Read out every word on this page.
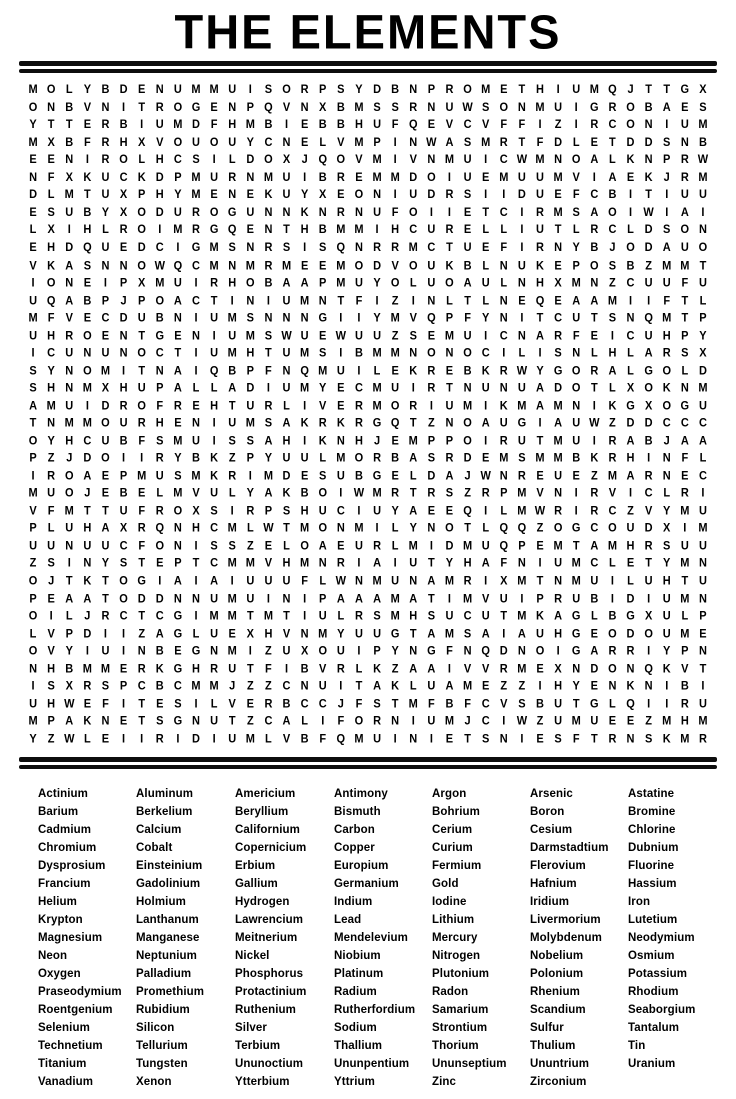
THE ELEMENTS
M O L	Y B D E N U M M U	I	S O R P S Y D B N P R O M E	T H	I	U M Q J	T	T G X
O N B V N	I	T R O G E N P Q V N X B M S S R N U W S O N M U	I	G R O B A E S
Y	T	T	E R B	I	U M D F H M B	I	E B B H U F Q E V C V	F	F	I	Z	I	R C O N	I	U M
M X B F R H X V O U O U Y C N E	L	V M P	I	N W A S M R T	F D L	E	T D D S N B
E E N	I	R O L H C S	I	L D O X	J Q O V M	I	V N M U	I	C W M N O A L K N P R W
N F	X K U C K D P M U R N M U	I	B R E M M D O	I	U E M U U M V	I	A E K	J	R M
D L M T U X P H Y M E N E K U Y X E O N	I	U D R S	I	I	D U E	F C B	I	T	I	U U
E S U B Y X O D U R O G U N N K N R N U F O	I	I	E	T C	I	R M S A O	I	W	I	A	I
L	X	I	H L R O	I	M R G Q E N T H B M M	I	H C U R E	L	L	I	U T	L R C L D S O N
E H D Q U E D C	I	G M S N R S	I	S Q N R R M C T U E	F	I	R N Y B	J O D A U O
V K A S N N O W Q C M N M R M E E M O D V O U K B L N U K E P O S B Z M M T
I	O N E	I	P X M U	I	R H O B A A P M U Y O L U O A U L N H X M N Z C U U F U
U Q A B P	J	P O A C T	I	N	I	U M N T	F	I	Z	I	N L	T	L N E Q E A A M	I	I	F	T	L
M F	V E C D U B N	I	U M S N N N G	I	I	Y M V Q P	F	Y N	I	T C U T	S N Q M T	P
U H R O E N T G E N	I	U M S W U E W U U Z	S E M U	I	C N A R F	E	I	C U H P Y
I	C U N U N O C T	I	U M H T U M S	I	B M M N O N O C	I	L	I	S N L H L A R S X
S Y N O M	I	T N A	I	Q B P	F N Q M U	I	L	E K R E B K R W Y G O R A L G O L D
S H N M X H U P A L	L A D	I	U M Y E C M U	I	R T N U N U A D O T	L	X O K N M
A M U	I	D R O F R E H T U R L	I	V E R M O R	I	U M	I	K M A M N	I	K G X O G U
T N M M O U R H E N	I	U M S A K R K R G Q T	Z N O A U G	I	A U W Z D D C C C
O Y H C U B F	S M U	I	S S A H	I	K N H	J	E M P P O	I	R U T M U	I	R A B	J	A A
P	Z	J	D O	I	I	R Y B K Z	P Y U U L M O R B A S R D E M S M M B K R H	I	N F	L
I	R O A E P M U S M K R	I	M D E S U B G E	L D A	J W N R E U E	Z M A R N E C
M U O J	E B E	L M V U L	Y A K B O	I	W M R T R S	Z R P M V N	I	R V	I	C L R	I
V	F M T	T U F R O X S	I	R P S H U C	I	U Y A E E Q	I	L M W R	I	R C Z	V Y M U
P	L U H A X R Q N H C M L W T M O N M	I	L	Y N O T	L Q Q Z O G C O U D X	I	M
U U N U U C F O N	I	S S	Z	E	L O A E U R L M	I	D M U Q P E M T A M H R S U U
Z	S	I	N Y S	T	E P	T C M M V H M N R	I	A	I	U T	Y H A F N	I	U M C L	E	T	Y M N
O J	T K T O G	I	A	I	A	I	U U U F	L W N M U N A M R	I	X M T N M U	I	L U H T U
P E A A T O D D N N U M U	I	N	I	P A A A M A T	I	M V U	I	P R U B	I	D	I	U M N
O	I	L	J	R C T C G	I	M M T M T	I	U L R S M H S U C U T M K A G L B G X U L	P
L	V P D	I	I	Z A G L U E X H V N M Y U U G T A M S A	I	A U H G E O D O U M E
O V Y	I	U	I	N B E G N M	I	Z U X O U	I	P Y N G F N Q D N O	I	G A R R	I	Y P N
N H B M M E R K G H R U T	F	I	B V R L K Z A A	I	V V R M E X N D O N Q K V	T
I	S X R S P C B C M M J	Z	Z C N U	I	T A K L U A M E	Z	Z	I	H Y E N K N	I	B	I
U H W E	F	I	T	E S	I	L	V E R B C C	J	F	S	T M F B F C V S B U T G L Q	I	I	R U
M P A K N E	T	S G N U T	Z C A L	I	F O R N	I	U M J	C	I	W Z U M U E E	Z M H M
Y	Z W L	E	I	I	R	I	D	I	U M L	V B F Q M U	I	N	I	E	T	S N	I	E S	F	T R N S K M R
Actinium	Aluminum	Americium	Antimony	Argon	Arsenic	Astatine
Barium	Berkelium	Beryllium	Bismuth	Bohrium	Boron	Bromine
Cadmium	Calcium	Californium	Carbon	Cerium	Cesium	Chlorine
Chromium	Cobalt	Copernicium	Copper	Curium	Darmstadtium	Dubnium
Dysprosium	Einsteinium	Erbium	Europium	Fermium	Flerovium	Fluorine
Francium	Gadolinium	Gallium	Germanium	Gold	Hafnium	Hassium
Helium	Holmium	Hydrogen	Indium	Iodine	Iridium	Iron
Krypton	Lanthanum	Lawrencium	Lead	Lithium	Livermorium	Lutetium
Magnesium	Manganese	Meitnerium	Mendelevium	Mercury	Molybdenum	Neodymium
Neon	Neptunium	Nickel	Niobium	Nitrogen	Nobelium	Osmium
Oxygen	Palladium	Phosphorus	Platinum	Plutonium	Polonium	Potassium
Praseodymium	Promethium	Protactinium	Radium	Radon	Rhenium	Rhodium
Roentgenium	Rubidium	Ruthenium	Rutherfordium	Samarium	Scandium	Seaborgium
Selenium	Silicon	Silver	Sodium	Strontium	Sulfur	Tantalum
Technetium	Tellurium	Terbium	Thallium	Thorium	Thulium	Tin
Titanium	Tungsten	Ununoctium	Ununpentium	Ununseptium	Ununtrium	Uranium
Vanadium	Xenon	Ytterbium	Yttrium	Zinc	Zirconium
